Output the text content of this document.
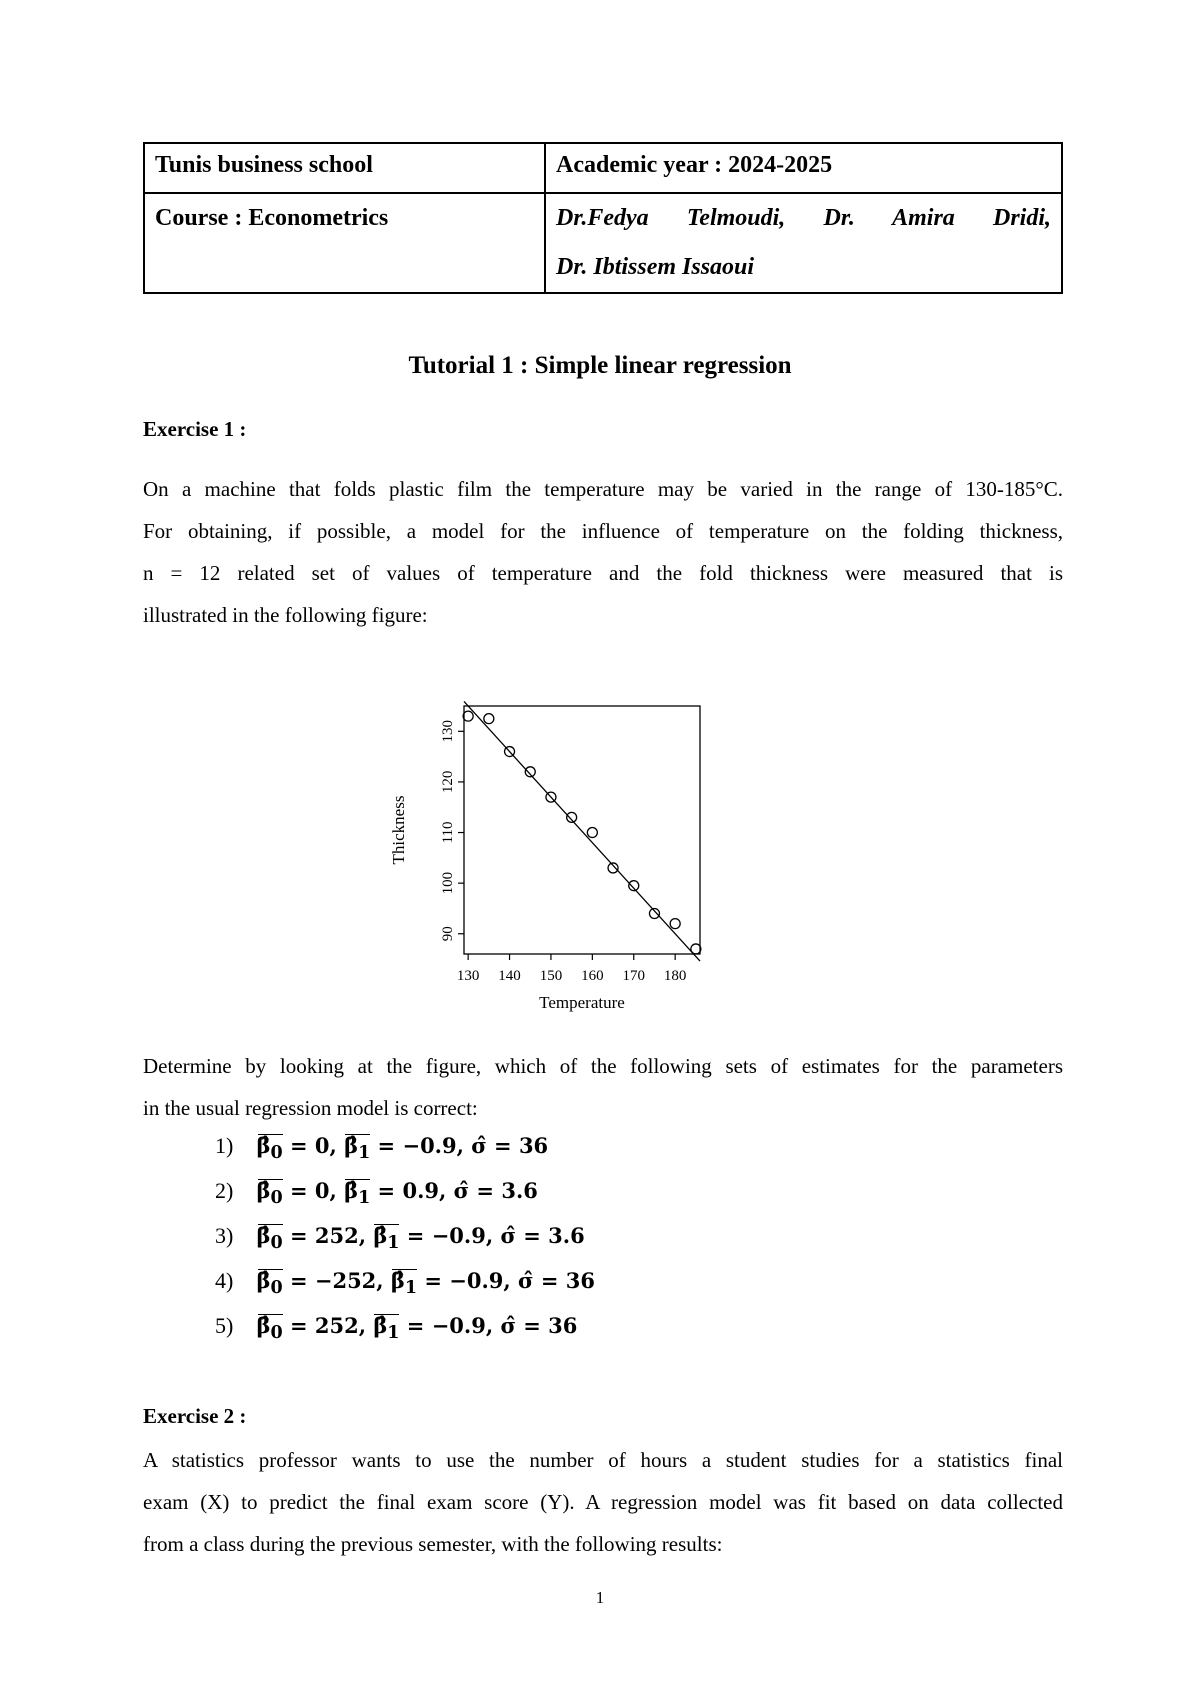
Tunis business school	Academic year : 2024-2025
Course : Econometrics	Dr.Fedya Telmoudi, Dr. Amira Dridi,
Dr. Ibtissem Issaoui
Tutorial 1 : Simple linear regression
Exercise 1 :
On a machine that folds plastic film the temperature may be varied in the range of 130-185°C.
For obtaining, if possible, a model for the influence of temperature on the folding thickness,
n = 12 related set of values of temperature and the fold thickness were measured that is
illustrated in the following figure:
90
100
110
120
130
130 140 150 160 170 180
Temperature
Thickness
Determine by looking at the figure, which of the following sets of estimates for the parameters
in the usual regression model is correct:
1) $\betâ_0 = 0$, $\betâ_1 = -0.9$, σ̂ = 36
2) $\betâ_0 = 0$, $\betâ_1 = 0.9$, σ̂ = 3.6
3) $\betâ_0 = 252$, $\betâ_1 = -0.9$, σ̂ = 3.6
4) $\betâ_0 = -252$, $\betâ_1 = -0.9$, σ̂ = 36
5) $\betâ_0 = 252$, $\betâ_1 = -0.9$, σ̂ = 36
Exercise 2 :
A statistics professor wants to use the number of hours a student studies for a statistics final
exam (X) to predict the final exam score (Y). A regression model was fit based on data collected
from a class during the previous semester, with the following results:
1
